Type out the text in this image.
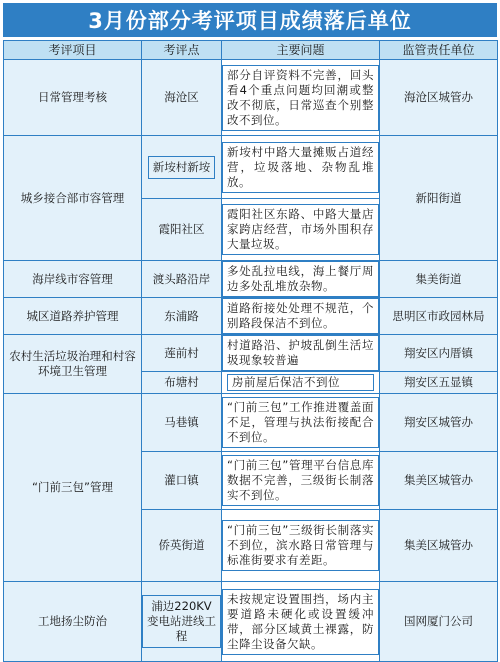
3月份部分考评项目成绩落后单位
考评项目	考评点	主要问题	监管责任单位
日常管理考核	海沧区	部分自评资料不完善，回头看4个重点问题均回潮或整改不彻底，日常巡查个别整改不到位。	海沧区城管办
城乡接合部市容管理	新垵村新垵	新垵村中路大量摊贩占道经营，垃圾落地、杂物乱堆放。	新阳街道
	霞阳社区	霞阳社区东路、中路大量店家跨店经营，市场外围积存大量垃圾。	

海岸线市容管理	渡头路沿岸	多处乱拉电线，海上餐厅周边多处乱堆放杂物。	集美街道
城区道路养护管理	东浦路	道路衔接处处理不规范，个别路段保洁不到位。	思明区市政园林局
农村生活垃圾治理和村容环境卫生管理	莲前村	村道路沿、护坡乱倒生活垃圾现象较普遍	翔安区内厝镇
	布塘村	房前屋后保洁不到位	翔安区五显镇
“门前三包”管理	马巷镇	“门前三包”工作推进覆盖面不足，管理与执法衔接配合不到位。	翔安区城管办
	灌口镇	“门前三包”管理平台信息库数据不完善，三级街长制落实不到位。	集美区城管办
	侨英街道	“门前三包”三级街长制落实不到位，滨水路日常管理与标准街要求有差距。	集美区城管办
工地扬尘防治	浦边220KV变电站进线工程	未按规定设置围挡，场内主要道路未硬化或设置缓冲带，部分区域黄土裸露，防尘降尘设备欠缺。	国网厦门公司
